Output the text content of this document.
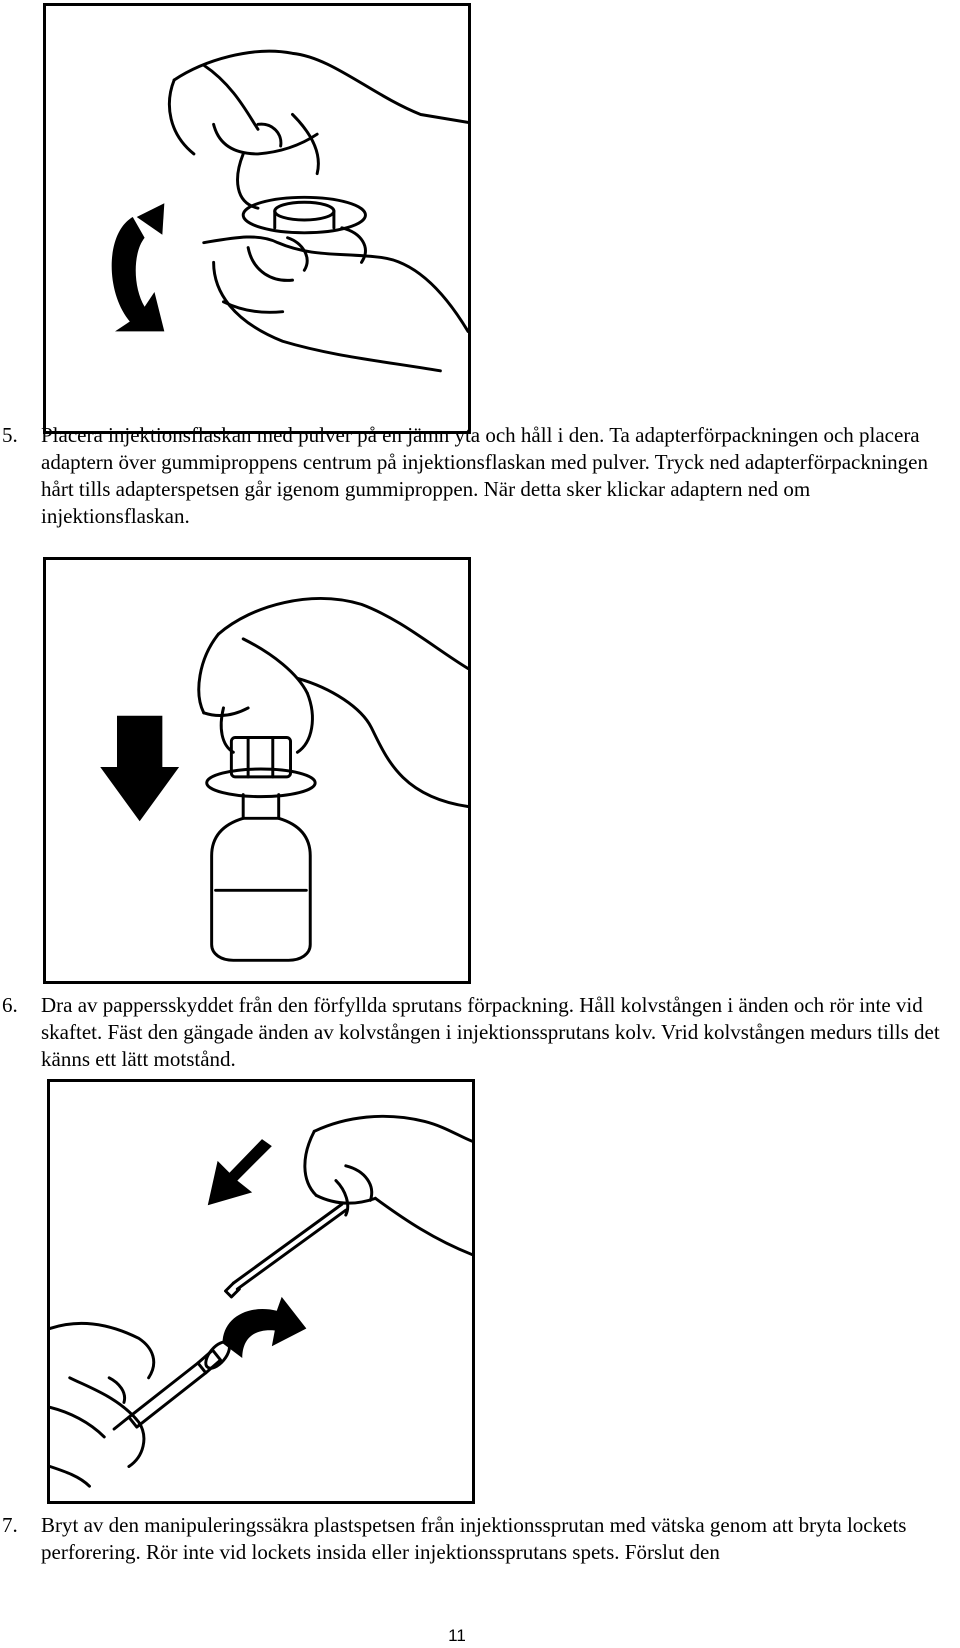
5. Placera injektionsflaskan med pulver på en jämn yta och håll i den. Ta adapterförpackningen och placera adaptern över gummiproppens centrum på injektionsflaskan med pulver. Tryck ned adapterförpackningen hårt tills adapterspetsen går igenom gummiproppen. När detta sker klickar adaptern ned om injektionsflaskan.
6. Dra av pappersskyddet från den förfyllda sprutans förpackning. Håll kolvstången i änden och rör inte vid skaftet. Fäst den gängade änden av kolvstången i injektionssprutans kolv. Vrid kolvstången medurs tills det känns ett lätt motstånd.
7. Bryt av den manipuleringssäkra plastspetsen från injektionssprutan med vätska genom att bryta lockets perforering. Rör inte vid lockets insida eller injektionssprutans spets. Förslut den
11
